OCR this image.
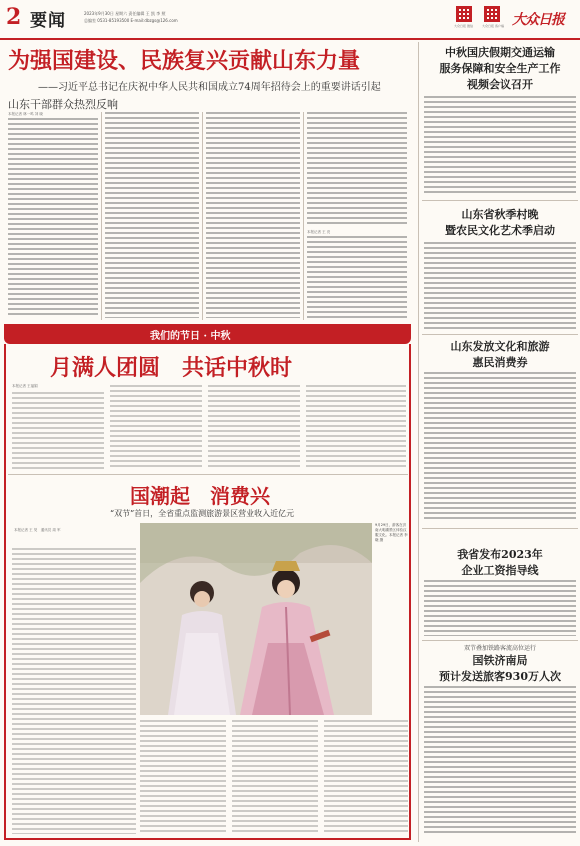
2 要闻	2023年9月30日 星期六 责任编辑 王 凯 李 照
总编室 0531-85193500 E-mail:dbzgs@126.com
大众日报 微信	大众日报 客户端 大众日报
为强国建设、民族复兴贡献山东力量
——习近平总书记在庆祝中华人民共和国成立74周年招待会上的重要讲话引起
山东干部群众热烈反响
本报记者 林一鸣 刘 晓
本报记者 王 亮
我们的节日 · 中秋
月满人团圆　共话中秋时
本报记者 王福娟
国潮起　消费兴
“双节”首日，全省重点监测旅游景区营业收入近亿元
本报记者 王 昊　通讯员 周 军
9月29日，游客在济南大明湖景区体验汉服文化。本报记者 李 晓 摄
中秋国庆假期交通运输
服务保障和安全生产工作
视频会议召开
山东省秋季村晚
暨农民文化艺术季启动
山东发放文化和旅游
惠民消费券
我省发布2023年
企业工资指导线
双节叠加铁路客流高位运行
国铁济南局
预计发送旅客930万人次
